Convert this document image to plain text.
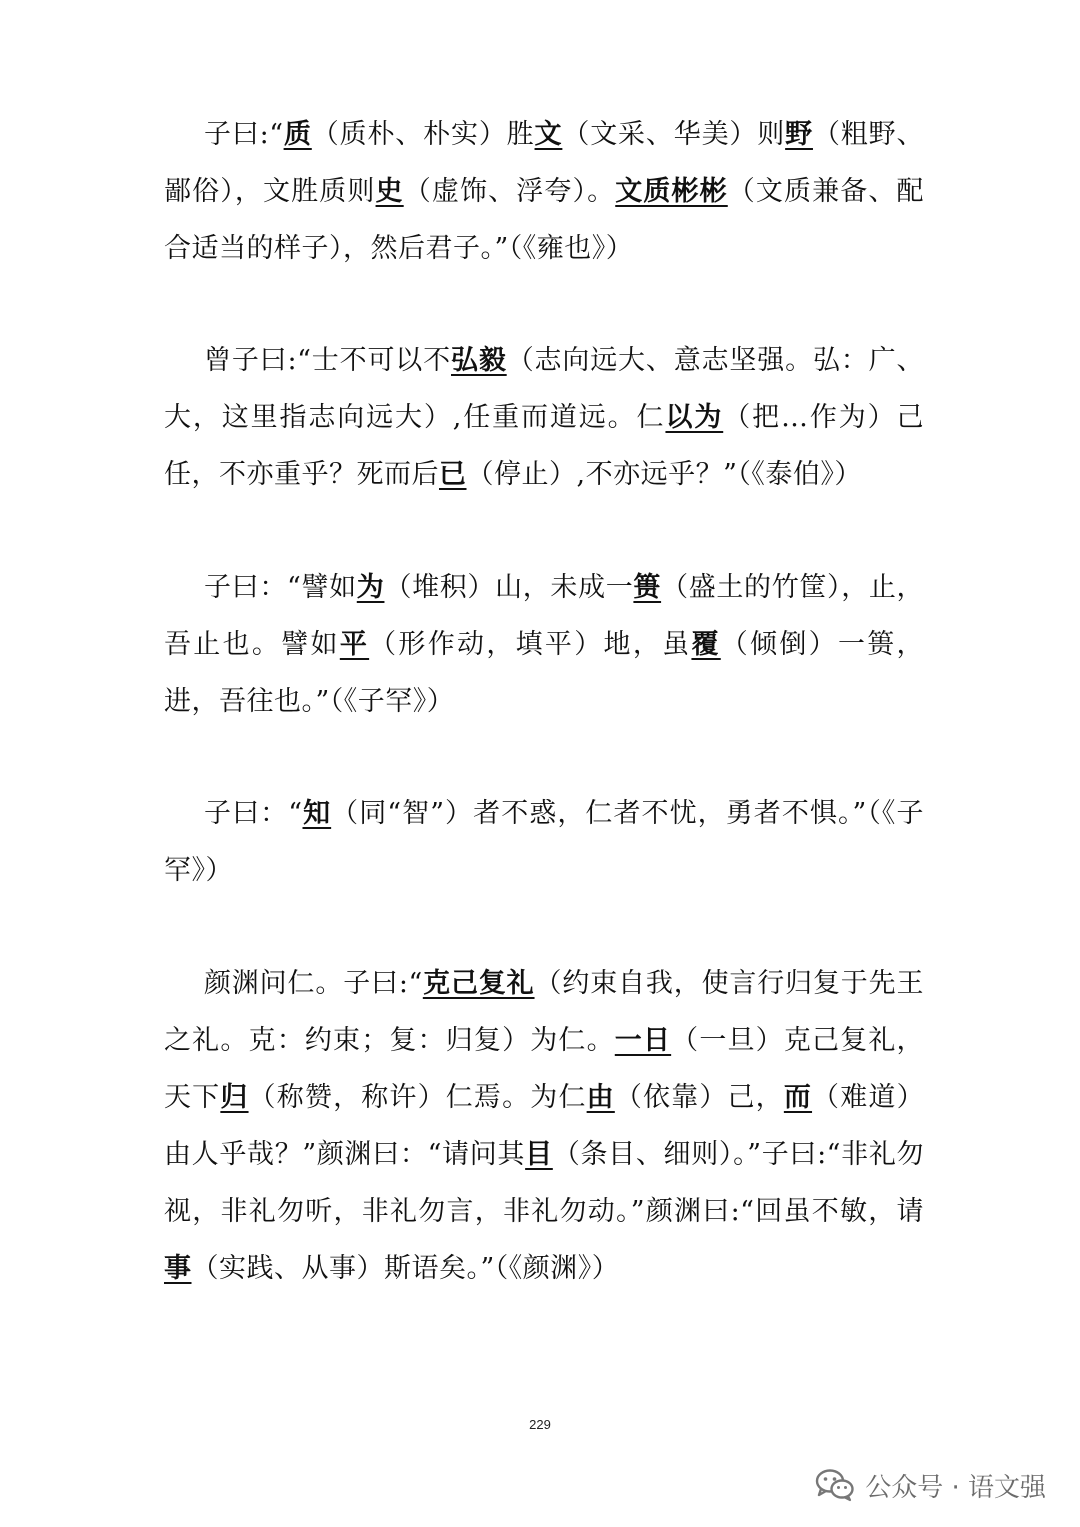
子曰:“质（质朴、朴实）胜文（文采、华美）则野（粗野、鄙俗），文胜质则史（虚饰、浮夸）。文质彬彬（文质兼备、配合适当的样子），然后君子。”（《雍也》）

曾子曰:“士不可以不弘毅（志向远大、意志坚强。弘：广、大，这里指志向远大）,任重而道远。仁以为（把…作为）己任，不亦重乎？死而后已（停止）,不亦远乎？”（《泰伯》）

子曰：“譬如为（堆积）山，未成一篑（盛土的竹筐），止，吾止也。譬如平（形作动，填平）地，虽覆（倾倒）一篑，进，吾往也。”（《子罕》）

子曰：“知（同“智”）者不惑，仁者不忧，勇者不惧。”（《子罕》）

颜渊问仁。子曰:“克己复礼（约束自我，使言行归复于先王之礼。克：约束；复：归复）为仁。一日（一旦）克己复礼，天下归（称赞，称许）仁焉。为仁由（依靠）己，而（难道）由人乎哉？”颜渊曰：“请问其目（条目、细则）。”子曰:“非礼勿视，非礼勿听，非礼勿言，非礼勿动。”颜渊曰:“回虽不敏，请事（实践、从事）斯语矣。”（《颜渊》）

229
公众号 · 语文强
